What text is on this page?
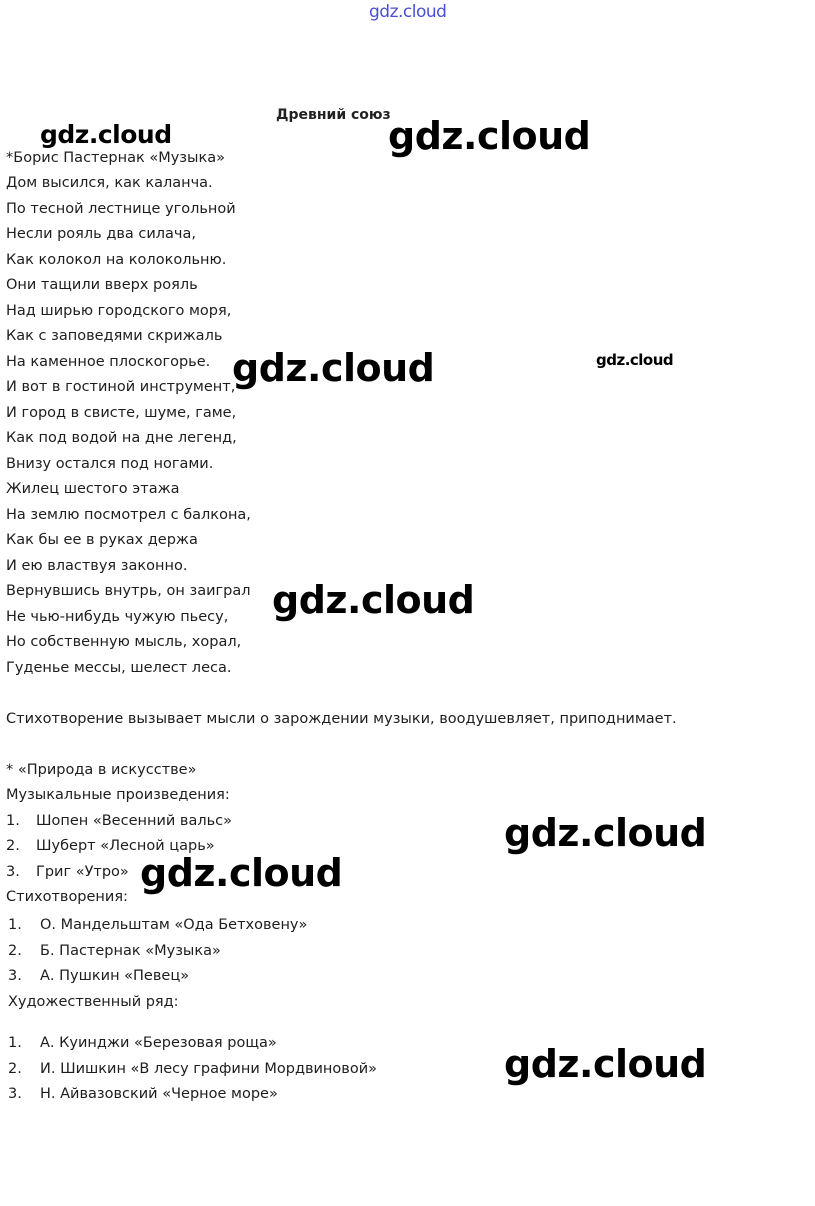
gdz.cloud
gdz.cloud	gdz.cloud
gdz.cloud	gdz.cloud
gdz.cloud
gdz.cloud
gdz.cloud
gdz.cloud
Древний союз
*Борис Пастернак «Музыка»
Дом высился, как каланча.
По тесной лестнице угольной
Несли рояль два силача,
Как колокол на колокольню.
Они тащили вверх рояль
Над ширью городского моря,
Как с заповедями скрижаль
На каменное плоскогорье.
И вот в гостиной инструмент,
И город в свисте, шуме, гаме,
Как под водой на дне легенд,
Внизу остался под ногами.
Жилец шестого этажа
На землю посмотрел с балкона,
Как бы ее в руках держа
И ею властвуя законно.
Вернувшись внутрь, он заиграл
Не чью-нибудь чужую пьесу,
Но собственную мысль, хорал,
Гуденье мессы, шелест леса.
Стихотворение вызывает мысли о зарождении музыки, воодушевляет, приподнимает.
* «Природа в искусстве»
Музыкальные произведения:
1. Шопен «Весенний вальс»
2. Шуберт «Лесной царь»
3. Григ «Утро»
Стихотворения:
1. О. Мандельштам «Ода Бетховену»
2. Б. Пастернак «Музыка»
3. А. Пушкин «Певец»
Художественный ряд:
1. А. Куинджи «Березовая роща»
2. И. Шишкин «В лесу графини Мордвиновой»
3. Н. Айвазовский «Черное море»
